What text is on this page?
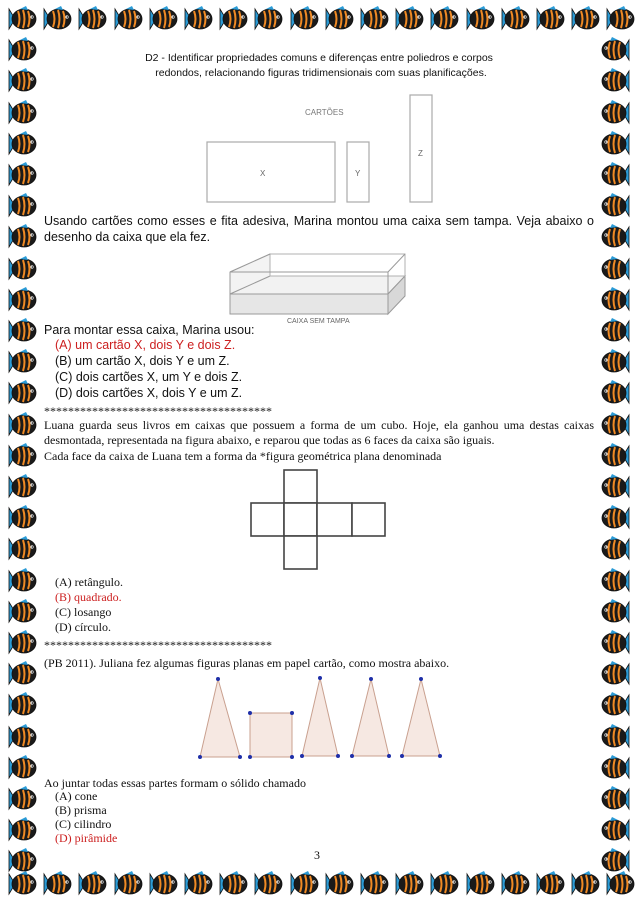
D2 - Identificar propriedades comuns e diferenças entre poliedros e corpos
redondos, relacionando figuras tridimensionais com suas planificações.
CARTÕES
X	Y
Z
Usando cartões como esses e fita adesiva, Marina montou uma caixa sem tampa. Veja abaixo o desenho da caixa que ela fez.
CAIXA SEM TAMPA
Para montar essa caixa, Marina usou:
(A) um cartão X, dois Y e dois Z.
(B) um cartão X, dois Y e um Z.
(C) dois cartões X, um Y e dois Z.
(D) dois cartões X, dois Y e um Z.
**************************************
Luana guarda seus livros em caixas que possuem a forma de um cubo. Hoje, ela ganhou uma destas caixas desmontada, representada na figura abaixo, e reparou que todas as 6 faces da caixa são iguais.
Cada face da caixa de Luana tem a forma da *figura geométrica plana denominada
(A) retângulo.
(B) quadrado.
(C) losango
(D) círculo.
**************************************
(PB 2011). Juliana fez algumas figuras planas em papel cartão, como mostra abaixo.
Ao juntar todas essas partes formam o sólido chamado
(A) cone
(B) prisma
(C) cilindro
(D) pirâmide
3
